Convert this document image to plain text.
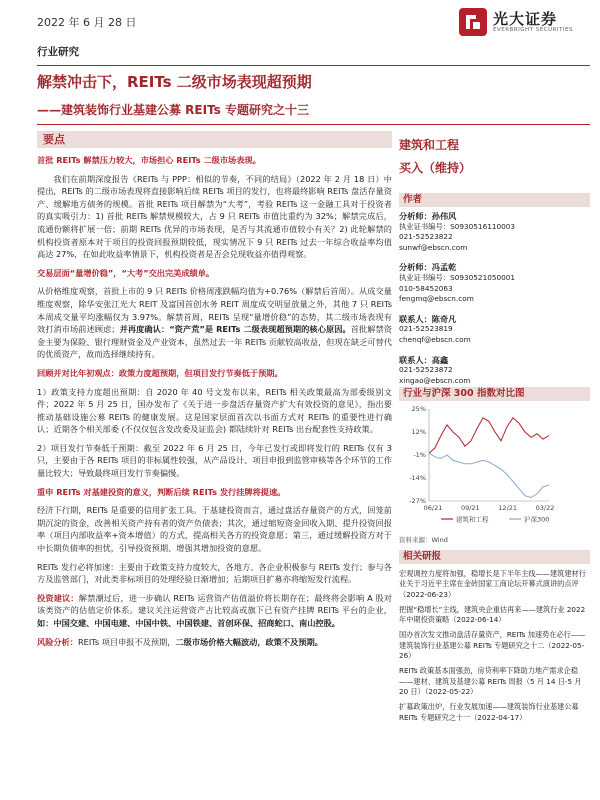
2022 年 6 月 28 日	光大证券
EVERBRIGHT SECURITIES
行业研究
解禁冲击下，REITs 二级市场表现超预期
——建筑装饰行业基建公募 REITs 专题研究之十三
要点
首批 REITs 解禁压力较大，市场担心 REITs 二级市场表现。

我们在前期深度报告《REITs 与 PPP：相似的节奏，不同的结局》（2022 年 2 月 18 日）中提出，REITs 的二级市场表现将直接影响后续 REITs 项目的发行，也将最终影响 REITs 盘活存量资产、缓解地方债务的规模。首批 REITs 项目解禁为“大考”，考验 REITs 这一金融工具对于投资者的真实吸引力：1) 首批 REITs 解禁规模较大，占 9 只 REITs 市值比重约为 32%；解禁完成后，流通份额将扩展一倍；前期 REITs 优异的市场表现，是否与其流通市值较小有关？2) 此轮解禁的机构投资者原本对于项目的投资回报预期较低，现实情况下 9 只 REITs 过去一年综合收益率均值高达 27%，在如此收益率情景下，机构投资者是否会兑现收益亦值得观察。

交易层面“量增价稳”，“大考”交出完美成绩单。

从价格维度观察，首批上市的 9 只 REITs 价格周涨跌幅均值为+0.76%（解禁后首周）。从成交量维度观察，除华安张江光大 REIT 及富国首创水务 REIT 周度成交明显放量之外，其他 7 只 REITs 本周成交量平均涨幅仅为 3.97%。解禁首周，REITs 呈现“量增价稳”的态势，其二级市场表现有效打消市场前述顾虑；并再度确认：“资产荒”是 REITs 二级表现超预期的核心原因。首批解禁资金主要为保险、银行理财资金及产业资本，虽然过去一年 REITs 贡献较高收益，但现在缺乏可替代的优质资产，故而选择继续持有。

回顾并对比年初观点：政策力度超预期，但项目发行节奏低于预期。

1）政策支持力度超出预期：自 2020 年 40 号文发布以来，REITs 相关政策最高为部委级别文件；2022 年 5 月 25 日，国办发布了《关于进一步盘活存量资产扩大有效投资的意见》，指出要推动基础设施公募 REITs 的健康发展。这是国家层面首次以书面方式对 REITs 的重要性进行确认；近期各个相关部委 (不仅仅包含发改委及证监会) 都陆续针对 REITs 出台配套性支持政策。

2）项目发行节奏低于预期：截至 2022 年 6 月 25 日，今年已发行或即将发行的 REITs 仅有 3 只，主要由于各 REITs 项目的非标属性较强，从产品设计、项目申报到监管审核等各个环节的工作量比较大；导致最终项目发行节奏偏慢。

重申 REITs 对基建投资的意义，判断后续 REITs 发行挂牌将提速。

经济下行期，REITs 是重要的信用扩张工具。于基建投资而言，通过盘活存量资产的方式，回笼前期沉淀的资金，改善相关资产持有者的资产负债表；其次，通过缩短资金回收入期、提升投资回报率（项目内部收益率+资本增值）的方式，提高相关各方的投资意愿；第三，通过缓解投资方对于中长期负债率的担忧，引导投资预期、增强其增加投资的意愿。

REITs 发行必将加速：主要由于政策支持力度较大，各地方、各企业积极参与 REITs 发行；参与各方及监管部门，对此类非标项目的处理经验日渐增加；后期项目扩募亦将缩短发行流程。

投资建议：解禁潮过后，进一步确认 REITs 运营资产估值溢价将长期存在；最终将会影响 A 股对该类资产的估值定价体系。建议关注运营资产占比较高或旗下已有资产挂牌 REITs 平台的企业，如：中国交建、中国电建、中国中铁、中国铁建、首创环保、招商蛇口、南山控股。

风险分析：REITs 项目申报不及预期，二级市场价格大幅波动，政策不及预期。

建筑和工程
买入（维持）
作者
分析师：孙伟风
执业证书编号：S0930516110003
021-52523822
sunwf@ebscn.com
分析师：冯孟乾
执业证书编号：S0930521050001
010-58452063
fengmq@ebscn.com
联系人：陈奇凡
021-52523819
chenqf@ebscn.com
联系人：高鑫
021-52523872
xingao@ebscn.com
行业与沪深 300 指数对比图
25%
12%
-1%
-14%
-27%
06/21	09/21	12/21	03/22
建筑和工程	沪深300
资料来源：Wind
相关研报
宏观调控力度将加强，稳增长是下半年主线——建筑建材行业关于习近平主席在金砖国家工商论坛开幕式演讲的点评（2022-06-23）
把握“稳增长”主线，建筑央企重估再来——建筑行业 2022 年中期投资策略（2022-06-14）
国办首次发文推动盘活存量资产，REITs 加速势在必行——建筑装饰行业基建公募 REITs 专题研究之十二（2022-05-26）
REITs 政策基本面强劲，房贷利率下降助力地产需求企稳——建材、建筑及基建公募 REITs 周报（5 月 14 日-5 月 20 日）（2022-05-22）
扩募政策出炉，行业发展加速——建筑装饰行业基建公募 REITs 专题研究之十一（2022-04-17）
